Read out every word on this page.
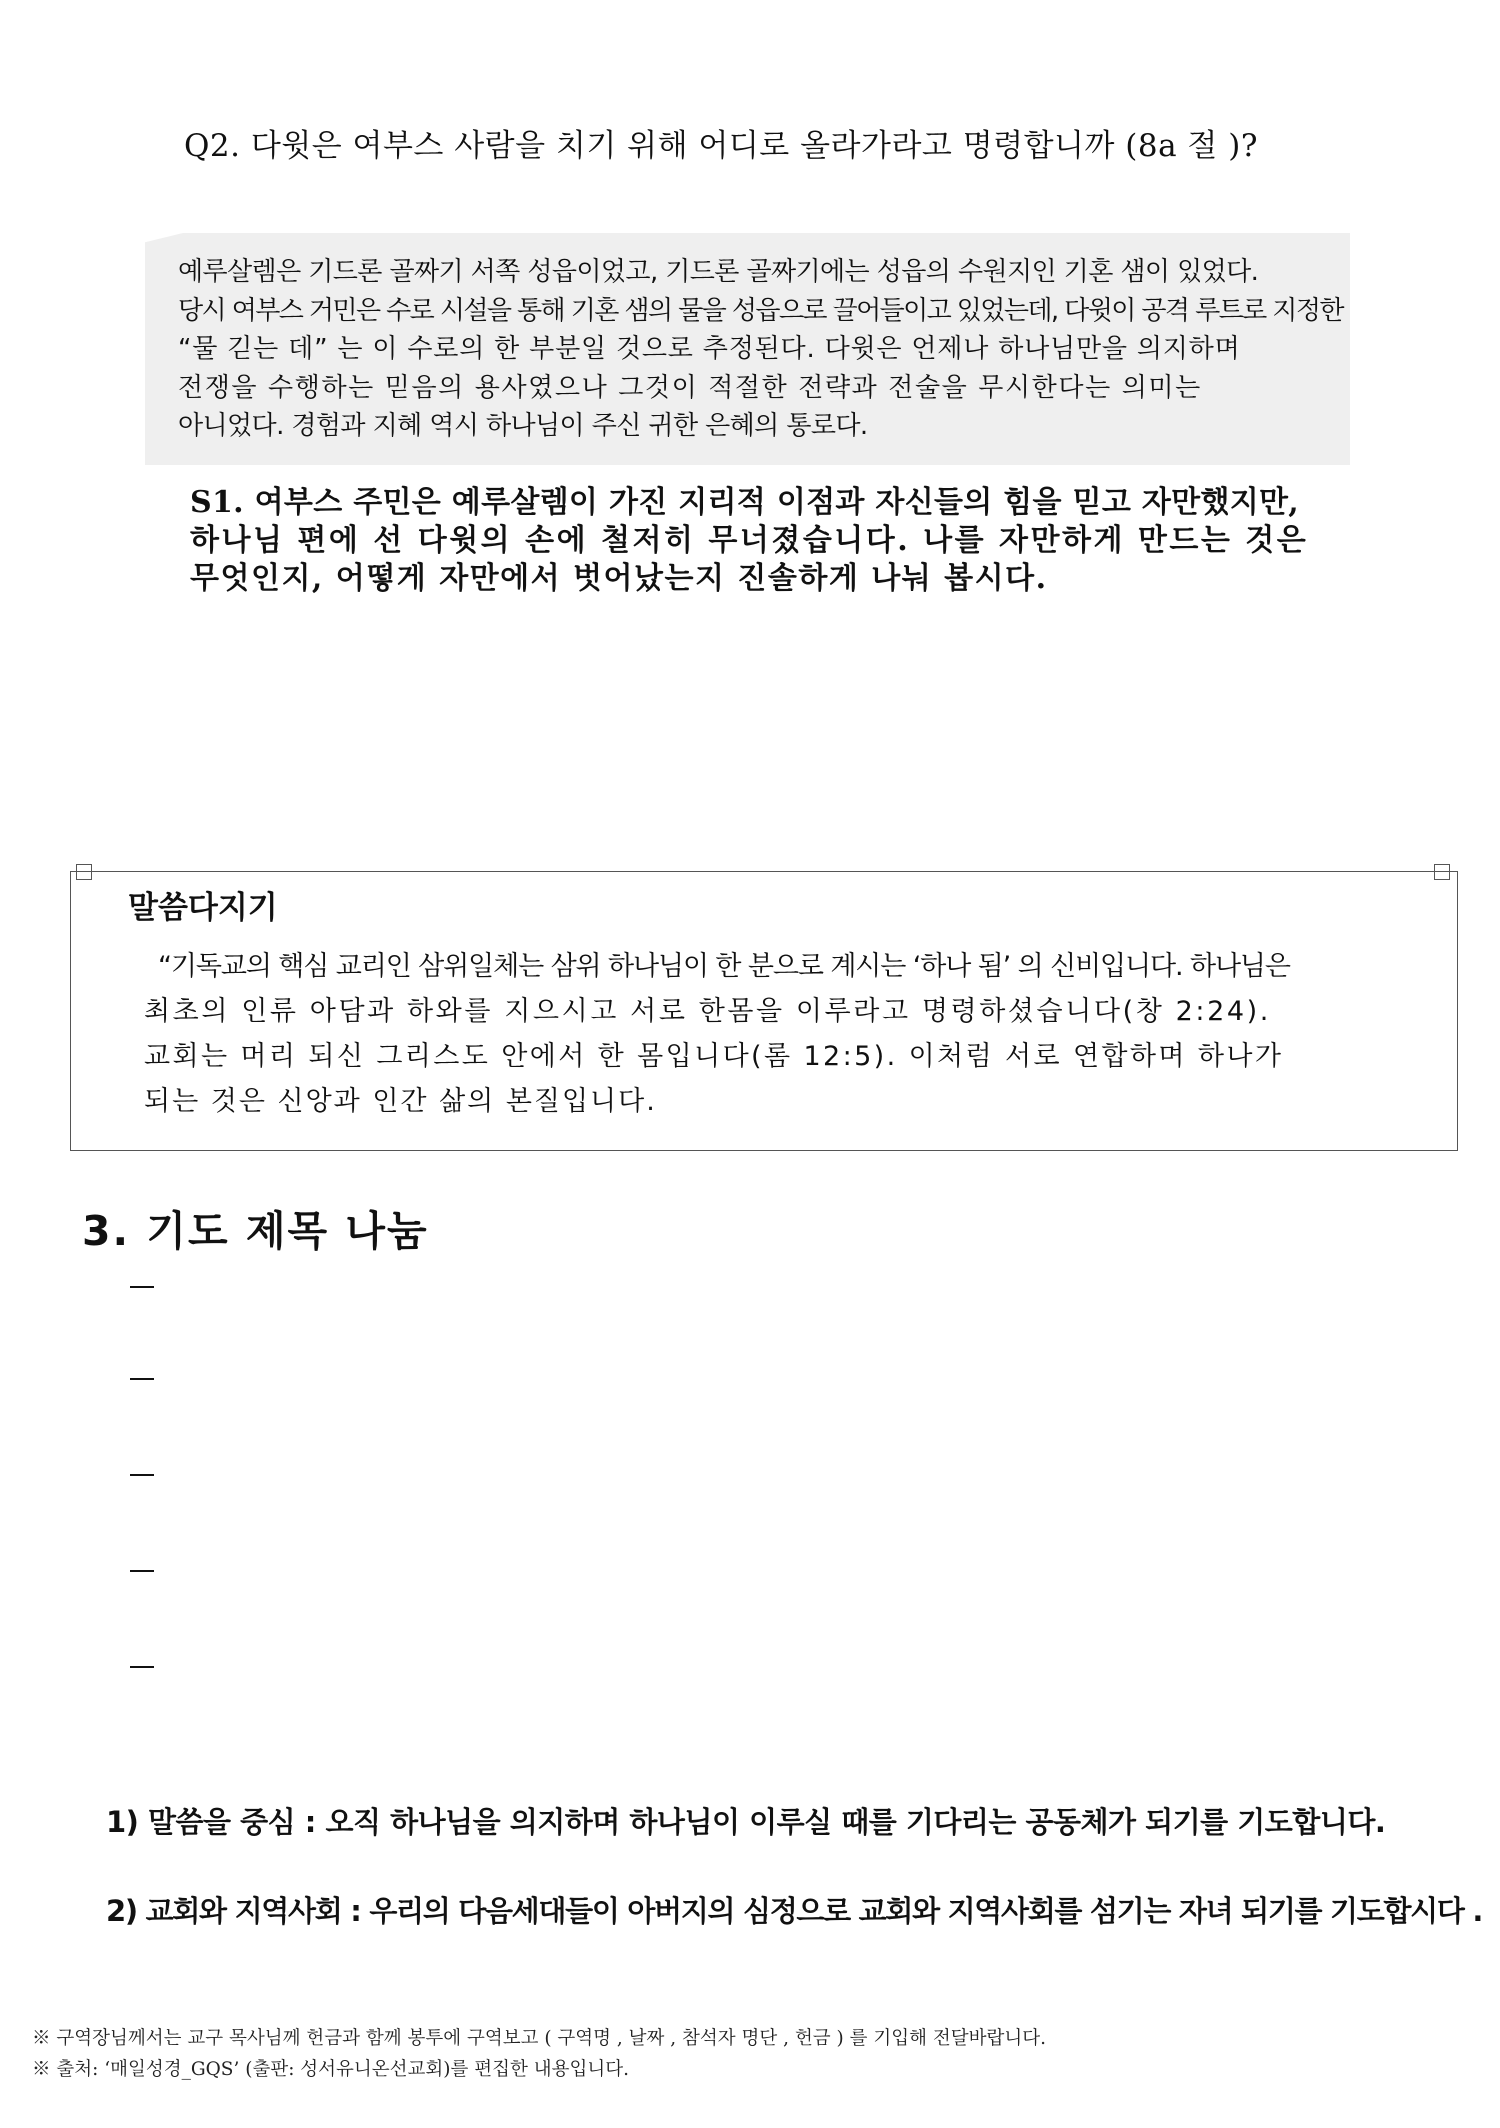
Q2. 다윗은 여부스 사람을 치기 위해 어디로 올라가라고 명령합니까 (8a 절 )?
예루살렘은 기드론 골짜기 서쪽 성읍이었고, 기드론 골짜기에는 성읍의 수원지인 기혼 샘이 있었다.
당시 여부스 거민은 수로 시설을 통해 기혼 샘의 물을 성읍으로 끌어들이고 있었는데, 다윗이 공격 루트로 지정한
“물 긷는 데” 는 이 수로의 한 부분일 것으로 추정된다. 다윗은 언제나 하나님만을 의지하며
전쟁을 수행하는 믿음의 용사였으나 그것이 적절한 전략과 전술을 무시한다는 의미는
아니었다. 경험과 지혜 역시 하나님이 주신 귀한 은혜의 통로다.
S1. 여부스 주민은 예루살렘이 가진 지리적 이점과 자신들의 힘을 믿고 자만했지만,
하나님 편에 선 다윗의 손에 철저히 무너졌습니다. 나를 자만하게 만드는 것은
무엇인지, 어떻게 자만에서 벗어났는지 진솔하게 나눠 봅시다.
말씀다지기
“기독교의 핵심 교리인 삼위일체는 삼위 하나님이 한 분으로 계시는 ‘하나 됨’ 의 신비입니다. 하나님은
최초의 인류 아담과 하와를 지으시고 서로 한몸을 이루라고 명령하셨습니다(창 2:24).
교회는 머리 되신 그리스도 안에서 한 몸입니다(롬 12:5). 이처럼 서로 연합하며 하나가
되는 것은 신앙과 인간 삶의 본질입니다.
3. 기도 제목 나눔
1) 말씀을 중심 : 오직 하나님을 의지하며 하나님이 이루실 때를 기다리는 공동체가 되기를 기도합니다.
2) 교회와 지역사회 : 우리의 다음세대들이 아버지의 심정으로 교회와 지역사회를 섬기는 자녀 되기를 기도합시다 .
※ 구역장님께서는 교구 목사님께 헌금과 함께 봉투에 구역보고 ( 구역명 , 날짜 , 참석자 명단 , 헌금 ) 를 기입해 전달바랍니다.
※ 출처: ‘매일성경_GQS’ (출판: 성서유니온선교회)를 편집한 내용입니다.
